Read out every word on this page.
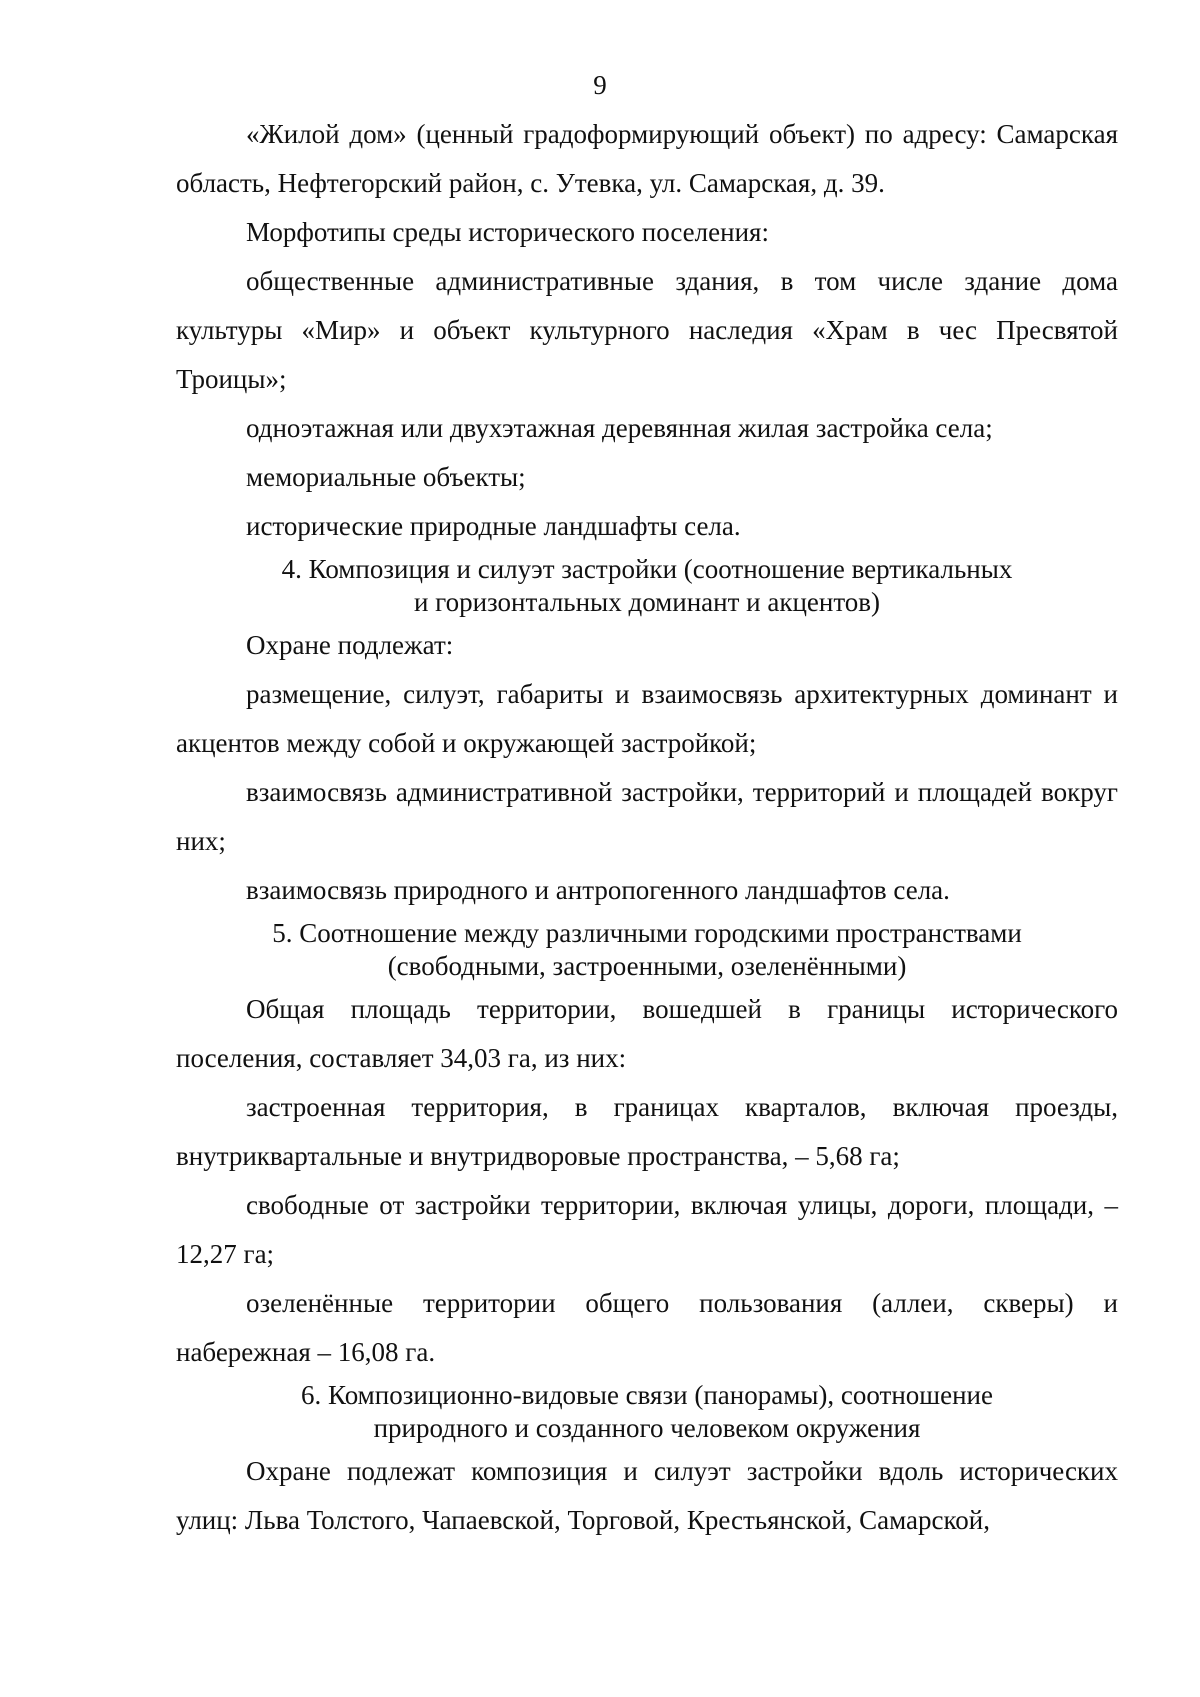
9

«Жилой дом» (ценный градоформирующий объект) по адресу: Самарская область, Нефтегорский район, с. Утевка, ул. Самарская, д. 39.

Морфотипы среды исторического поселения:

общественные административные здания, в том числе здание дома культуры «Мир» и объект культурного наследия «Храм в чес Пресвятой Троицы»;

одноэтажная или двухэтажная деревянная жилая застройка села;

мемориальные объекты;

исторические природные ландшафты села.

4. Композиция и силуэт застройки (соотношение вертикальных
и горизонтальных доминант и акцентов)

Охране подлежат:

размещение, силуэт, габариты и взаимосвязь архитектурных доминант и акцентов между собой и окружающей застройкой;

взаимосвязь административной застройки, территорий и площадей вокруг них;

взаимосвязь природного и антропогенного ландшафтов села.

5. Соотношение между различными городскими пространствами
(свободными, застроенными, озеленёнными)

Общая площадь территории, вошедшей в границы исторического поселения, составляет 34,03 га, из них:

застроенная территория, в границах кварталов, включая проезды, внутриквартальные и внутридворовые пространства, – 5,68 га;

свободные от застройки территории, включая улицы, дороги, площади, – 12,27 га;

озеленённые территории общего пользования (аллеи, скверы) и набережная – 16,08 га.

6. Композиционно-видовые связи (панорамы), соотношение
природного и созданного человеком окружения

Охране подлежат композиция и силуэт застройки вдоль исторических улиц: Льва Толстого, Чапаевской, Торговой, Крестьянской, Самарской,
